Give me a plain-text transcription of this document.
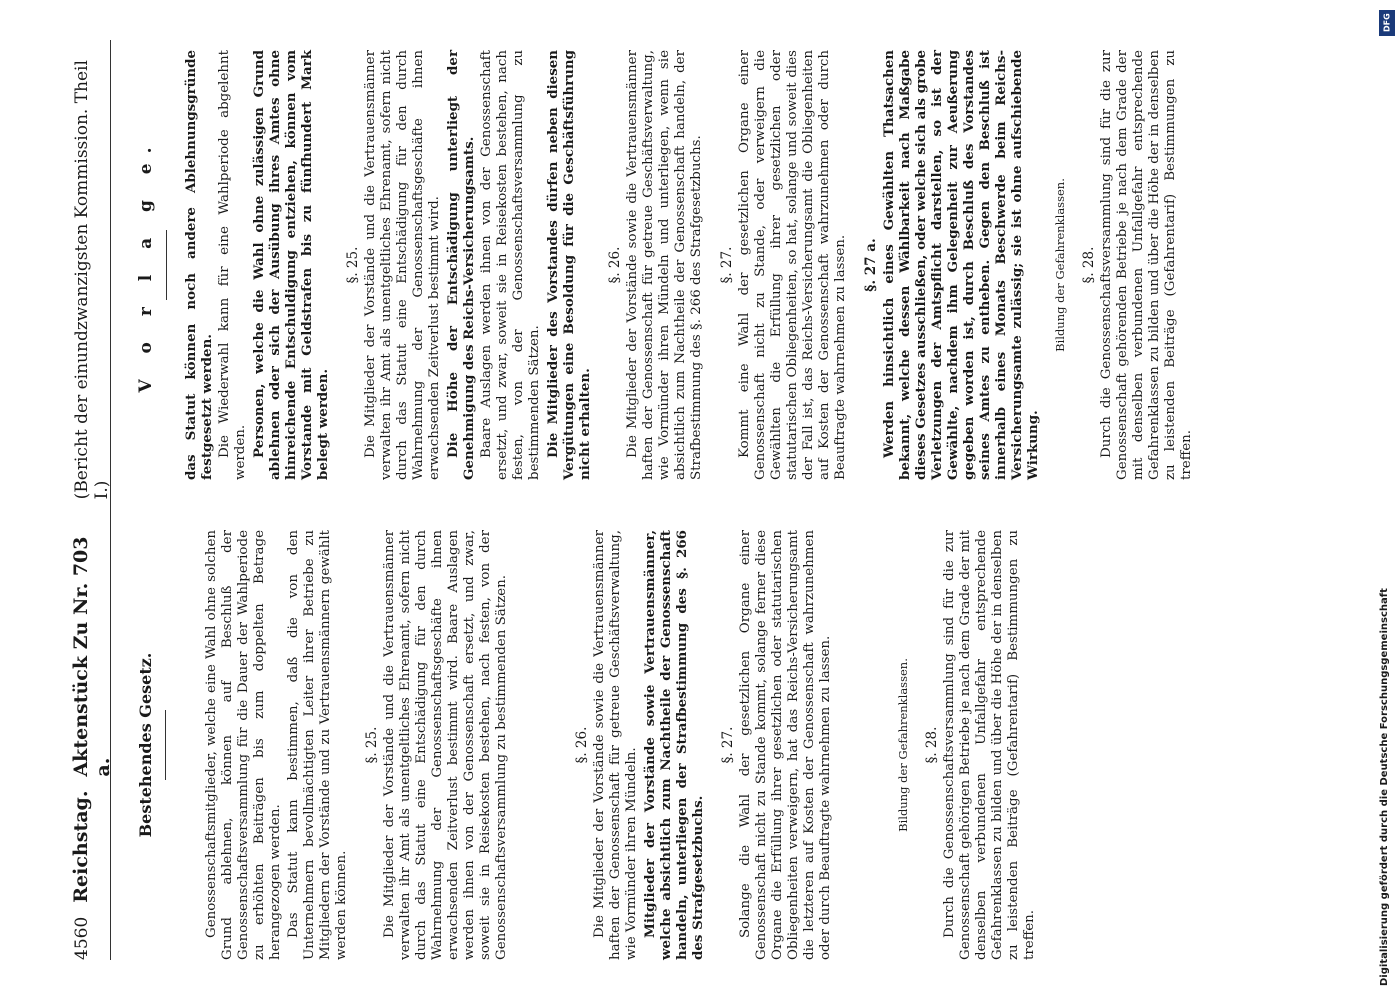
4560
Reichstag.
Aktenstück Zu Nr. 703 a.
(Bericht der einundzwanzigsten Kommission. Theil I.)
Bestehendes Gesetz.	Genossenschaftsmitglieder, welche eine Wahl ohne solchen Grund ablehnen, können auf Beschluß der Genossenschaftsversammlung für die Dauer der Wahlperiode zu erhöhten Beiträgen bis zum doppelten Betrage herangezogen werden. Das Statut kann bestimmen, daß die von den Unternehmern bevollmächtigten Leiter ihrer Betriebe zu Mitgliedern der Vorstände und zu Vertrauensmännern gewählt werden können.

§. 25. Die Mitglieder der Vorstände und die Vertrauensmänner verwalten ihr Amt als unentgeltliches Ehrenamt, sofern nicht durch das Statut eine Entschädigung für den durch Wahrnehmung der Genossenschaftsgeschäfte ihnen erwachsenden Zeitverlust bestimmt wird. Baare Auslagen werden ihnen von der Genossenschaft ersetzt, und zwar, soweit sie in Reisekosten bestehen, nach festen, von der Genossenschaftsversammlung zu bestimmenden Sätzen.	§. 26. Die Mitglieder der Vorstände sowie die Vertrauensmänner haften der Genossenschaft für getreue Geschäftsverwaltung, wie Vormünder ihren Mündeln. Mitglieder der Vorstände sowie Vertrauensmänner, welche absichtlich zum Nachtheile der Genossenschaft handeln, unterliegen der Strafbestimmung des §. 266 des Strafgesetzbuchs.

§. 27. Solange die Wahl der gesetzlichen Organe einer Genossenschaft nicht zu Stande kommt, solange ferner diese Organe die Erfüllung ihrer gesetzlichen oder statutarischen Obliegenheiten verweigern, hat das Reichs-Versicherungsamt die letzteren auf Kosten der Genossenschaft wahrzunehmen oder durch Beauftragte wahrnehmen zu lassen.	Bildung der Gefahrenklassen. §. 28. Durch die Genossenschaftsversammlung sind für die zur Genossenschaft gehörigen Betriebe je nach dem Grade der mit denselben verbundenen Unfallgefahr entsprechende Gefahrenklassen zu bilden und über die Höhe der in denselben zu leistenden Beiträge (Gefahrentarif) Bestimmungen zu treffen.

V o r l a g e. das Statut können noch andere Ablehnungsgründe festgesetzt werden. Die Wiederwahl kann für eine Wahlperiode abgelehnt werden. Personen, welche die Wahl ohne zulässigen Grund ablehnen oder sich der Ausübung ihres Amtes ohne hinreichende Entschuldigung entziehen, können vom Vorstande mit Geldstrafen bis zu fünfhundert Mark belegt werden.

§. 25. Die Mitglieder der Vorstände und die Vertrauensmänner verwalten ihr Amt als unentgeltliches Ehrenamt, sofern nicht durch das Statut eine Entschädigung für den durch Wahrnehmung der Genossenschaftsgeschäfte ihnen erwachsenden Zeitverlust bestimmt wird. Die Höhe der Entschädigung unterliegt der Genehmigung des Reichs-Versicherungsamts. Baare Auslagen werden ihnen von der Genossenschaft ersetzt, und zwar, soweit sie in Reisekosten bestehen, nach festen, von der Genossenschaftsversammlung zu bestimmenden Sätzen. Die Mitglieder des Vorstandes dürfen neben diesen Vergütungen eine Besoldung für die Geschäftsführung nicht erhalten.

§. 26. Die Mitglieder der Vorstände sowie die Vertrauensmänner haften der Genossenschaft für getreue Geschäftsverwaltung, wie Vormünder ihren Mündeln und unterliegen, wenn sie absichtlich zum Nachtheile der Genossenschaft handeln, der Strafbestimmung des §. 266 des Strafgesetzbuchs. §. 27. Kommt eine Wahl der gesetzlichen Organe einer Genossenschaft nicht zu Stande, oder verweigern die Gewählten die Erfüllung ihrer gesetzlichen oder statutarischen Obliegenheiten, so hat, solange und soweit dies der Fall ist, das Reichs-Versicherungsamt die Obliegenheiten auf Kosten der Genossenschaft wahrzunehmen oder durch Beauftragte wahrnehmen zu lassen. §. 27 a. Werden hinsichtlich eines Gewählten Thatsachen bekannt, welche dessen Wählbarkeit nach Maßgabe dieses Gesetzes ausschließen, oder welche sich als grobe Verletzungen der Amtspflicht darstellen, so ist der Gewählte, nachdem ihm Gelegenheit zur Aeußerung gegeben worden ist, durch Beschluß des Vorstandes seines Amtes zu entheben. Gegen den Beschluß ist innerhalb eines Monats Beschwerde beim Reichs-Versicherungsamte zulässig; sie ist ohne aufschiebende Wirkung.

Bildung der Gefahrenklassen. §. 28. Durch die Genossenschaftsversammlung sind für die zur Genossenschaft gehörenden Betriebe je nach dem Grade der mit denselben verbundenen Unfallgefahr entsprechende Gefahrenklassen zu bilden und über die Höhe der in denselben zu leistenden Beiträge (Gefahrentarif) Bestimmungen zu treffen.

DFG
Digitalisierung gefördert durch die Deutsche Forschungsgemeinschaft
